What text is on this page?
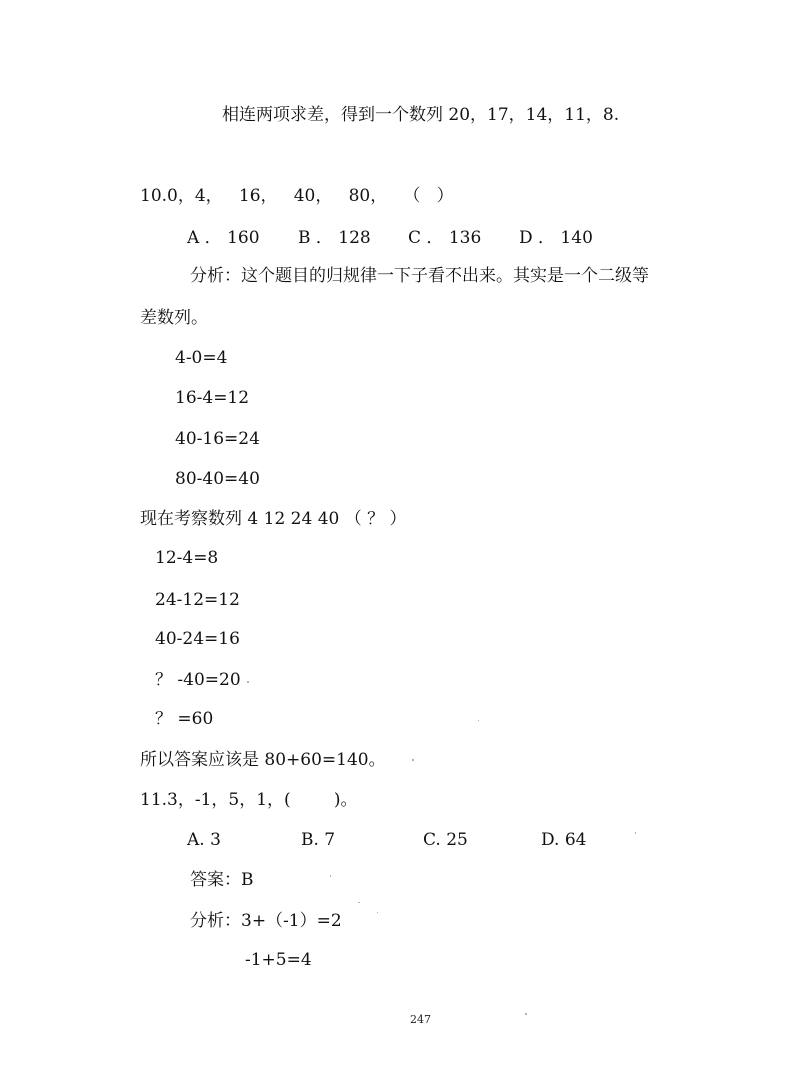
相连两项求差，得到一个数列 20，17，14，11，8.
10.0，4，   16，   40，   80，   （   ）
A ． 160 B ． 128 C ． 136 D ． 140
分析：这个题目的归规律一下子看不出来。其实是一个二级等
差数列。
4-0=4
16-4=12
40-16=24
80-40=40
现在考察数列 4 12 24 40 （ ？ ）
12-4=8
24-12=12
40-24=16
？ -40=20
？ =60
所以答案应该是 80+60=140。
11.3，-1，5，1，(        )。
A. 3	B. 7	C. 25	D. 64
答案：B
分析：3+（-1）=2
-1+5=4
247
